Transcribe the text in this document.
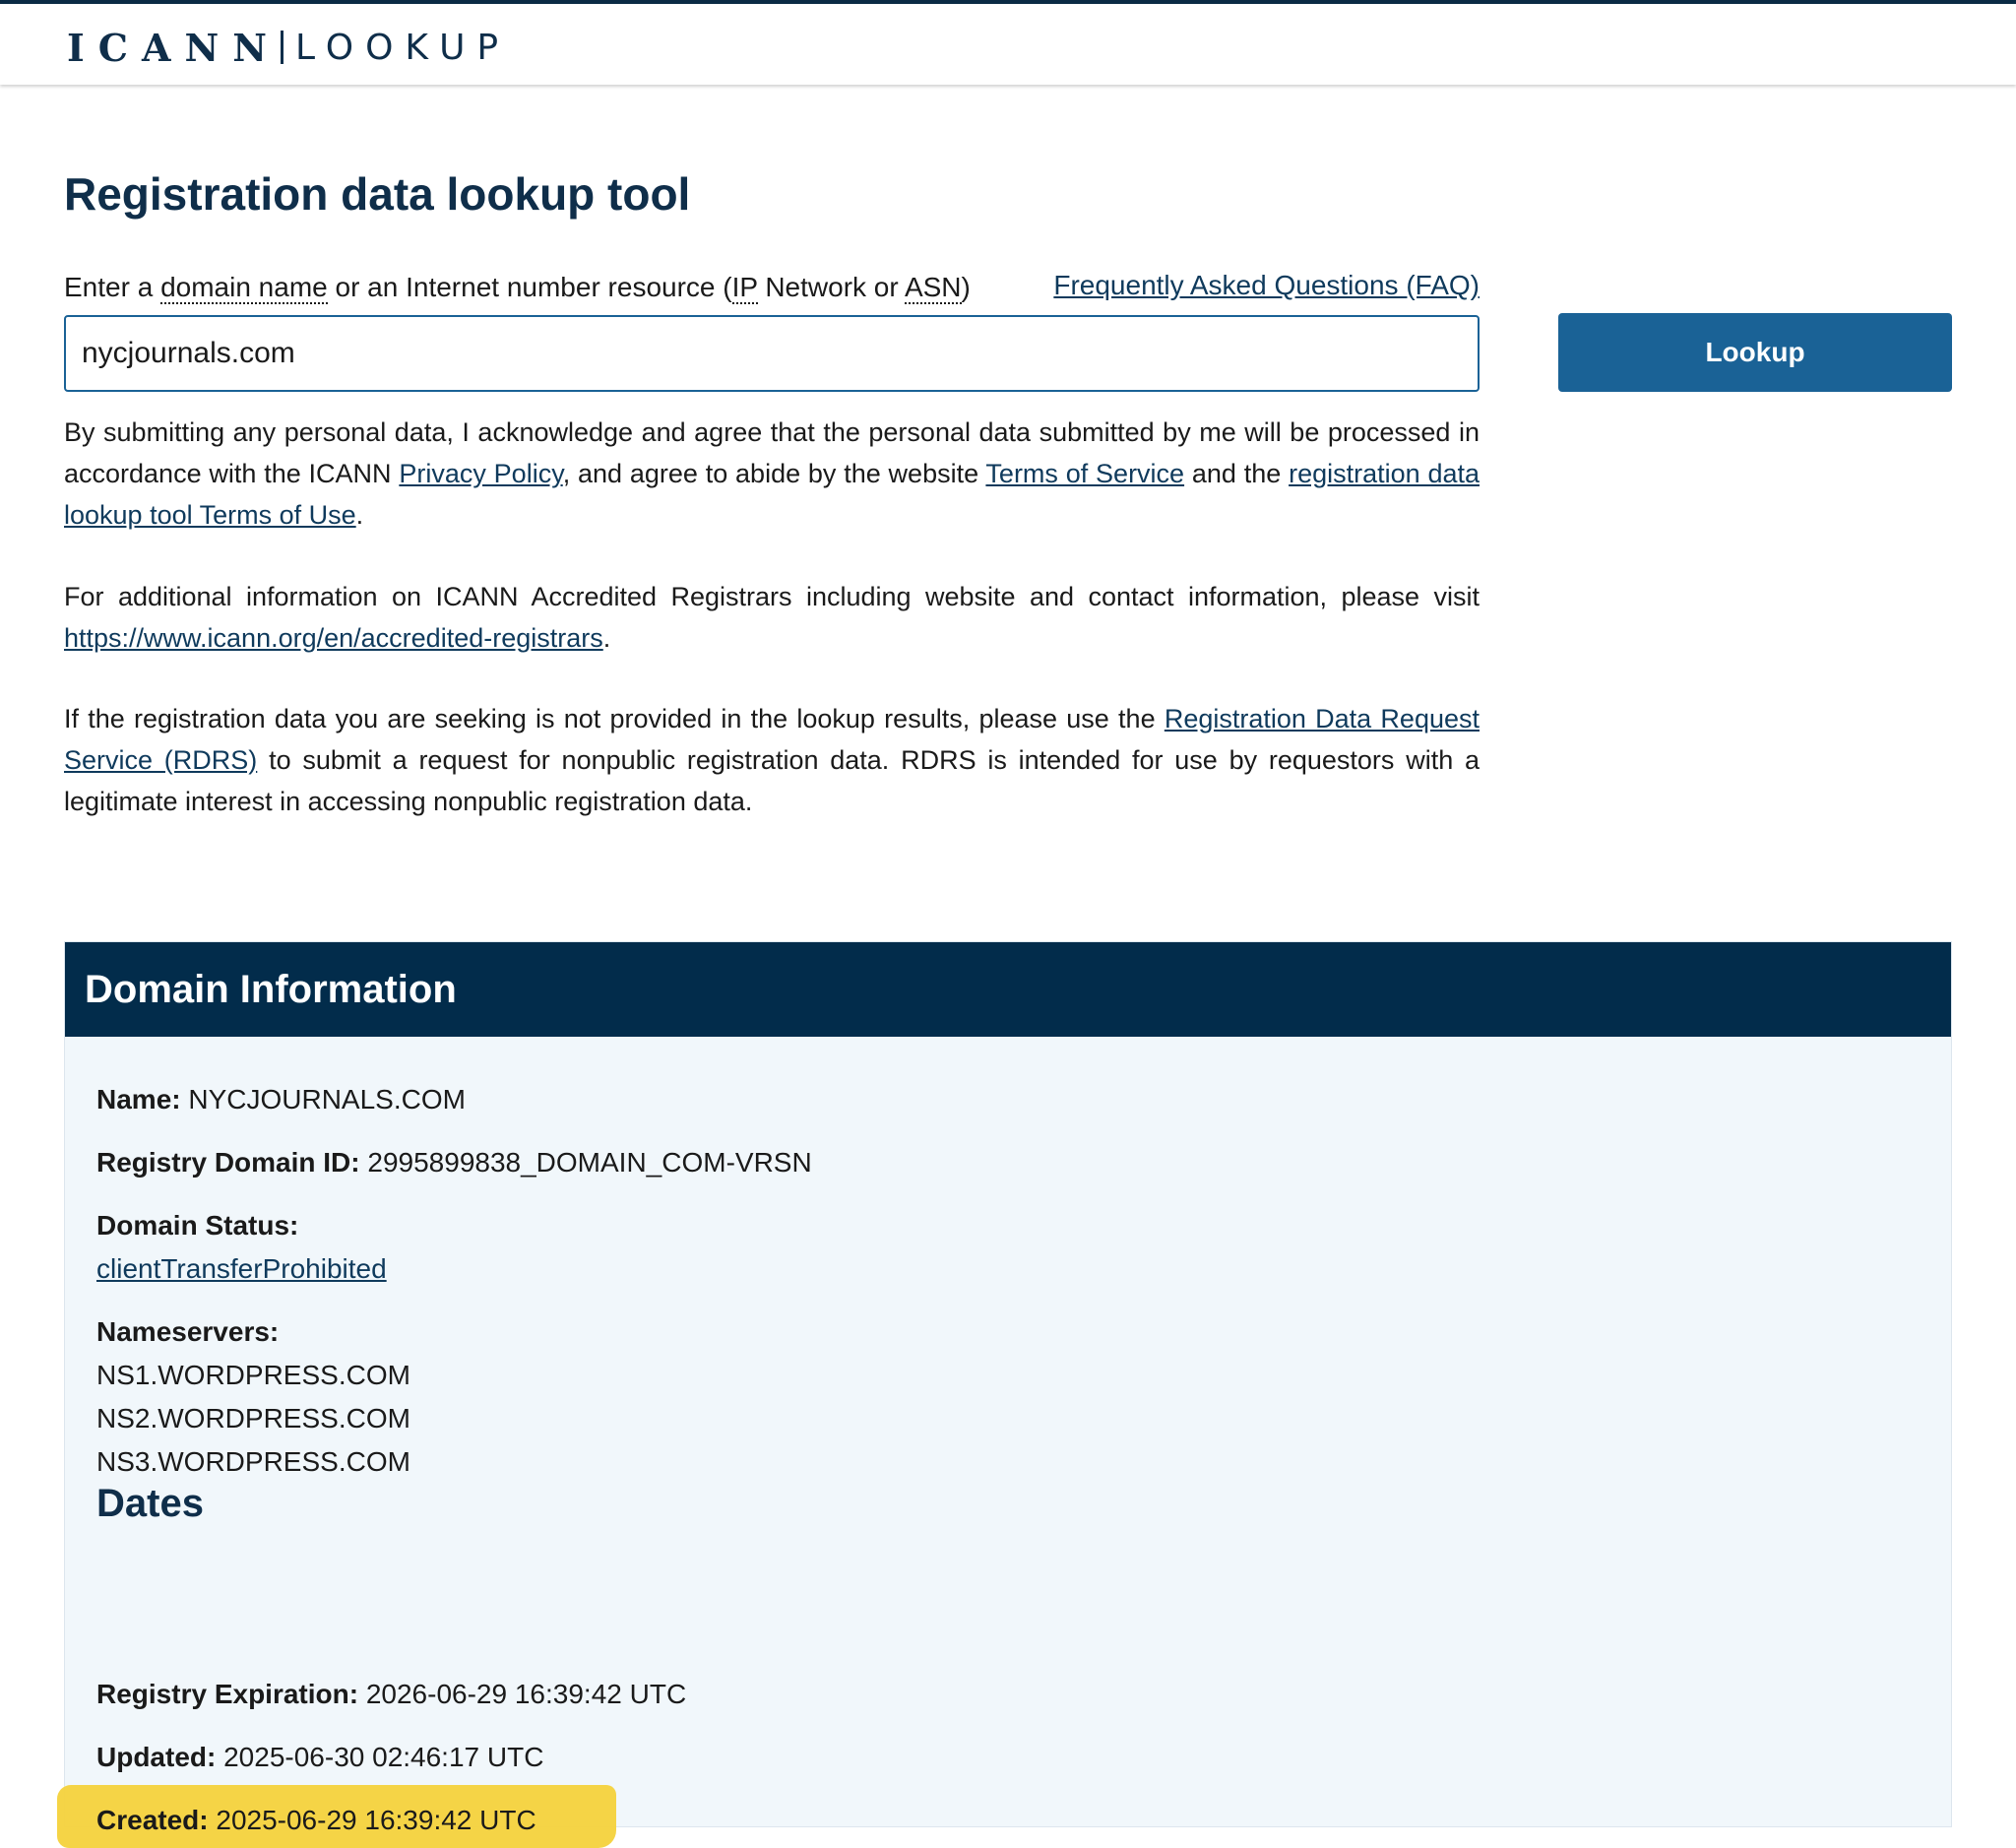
ICANN LOOKUP
Registration data lookup tool
Enter a domain name or an Internet number resource (IP Network or ASN)	Frequently Asked Questions (FAQ)
nycjournals.com
Lookup

By submitting any personal data, I acknowledge and agree that the personal data submitted by me will be processed in accordance with the ICANN Privacy Policy, and agree to abide by the website Terms of Service and the registration data lookup tool Terms of Use.

For additional information on ICANN Accredited Registrars including website and contact information, please visit https://www.icann.org/en/accredited-registrars.

If the registration data you are seeking is not provided in the lookup results, please use the Registration Data Request Service (RDRS) to submit a request for nonpublic registration data. RDRS is intended for use by requestors with a legitimate interest in accessing nonpublic registration data.

Domain Information
Name: NYCJOURNALS.COM
Registry Domain ID: 2995899838_DOMAIN_COM-VRSN
Domain Status:
clientTransferProhibited
Nameservers:
NS1.WORDPRESS.COM
NS2.WORDPRESS.COM
NS3.WORDPRESS.COM
Dates
Registry Expiration: 2026-06-29 16:39:42 UTC
Updated: 2025-06-30 02:46:17 UTC
Created: 2025-06-29 16:39:42 UTC
